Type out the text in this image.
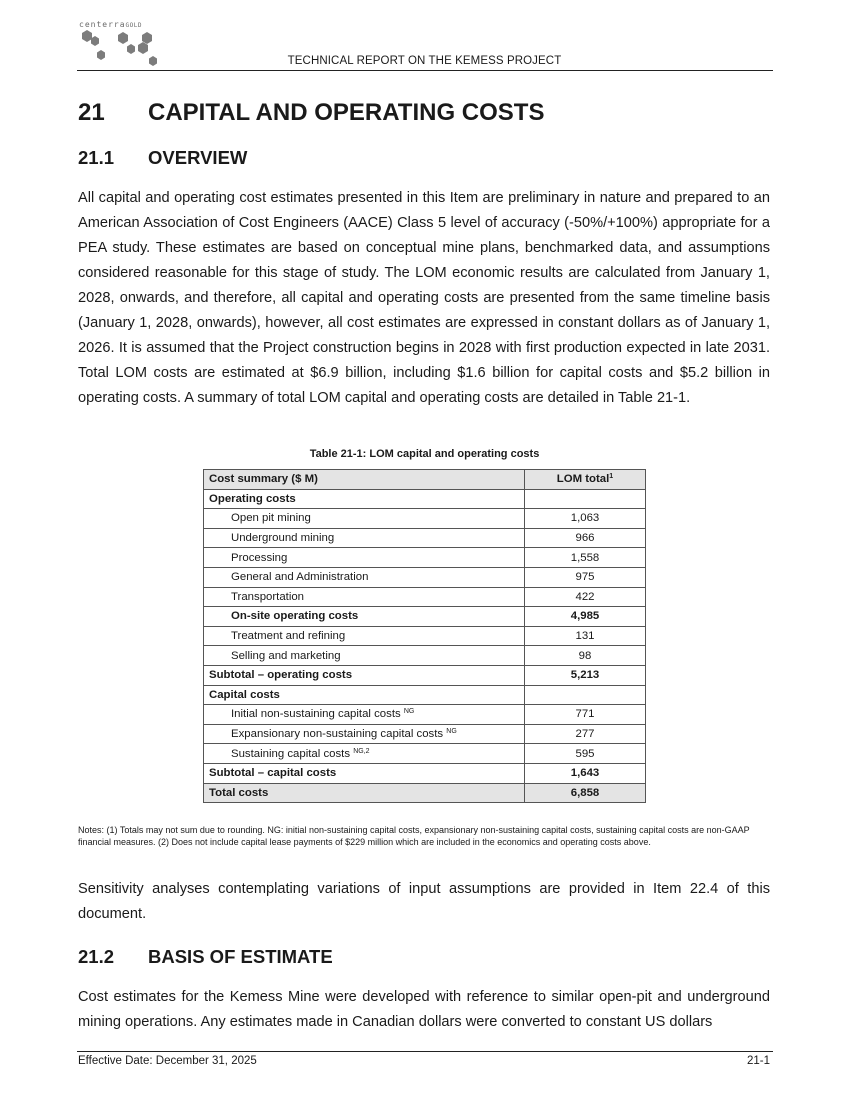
centerraGOLD
TECHNICAL REPORT ON THE KEMESS PROJECT
21 CAPITAL AND OPERATING COSTS
21.1 OVERVIEW
All capital and operating cost estimates presented in this Item are preliminary in nature and prepared to an American Association of Cost Engineers (AACE) Class 5 level of accuracy (-50%/+100%) appropriate for a PEA study. These estimates are based on conceptual mine plans, benchmarked data, and assumptions considered reasonable for this stage of study. The LOM economic results are calculated from January 1, 2028, onwards, and therefore, all capital and operating costs are presented from the same timeline basis (January 1, 2028, onwards), however, all cost estimates are expressed in constant dollars as of January 1, 2026. It is assumed that the Project construction begins in 2028 with first production expected in late 2031. Total LOM costs are estimated at $6.9 billion, including $1.6 billion for capital costs and $5.2 billion in operating costs. A summary of total LOM capital and operating costs are detailed in Table 21-1.
Table 21-1: LOM capital and operating costs
Cost summary ($ M)	LOM total$^1$
Operating costs	
Open pit mining	1,063
Underground mining	966
Processing	1,558
General and Administration	975
Transportation	422
On-site operating costs	4,985
Treatment and refining	131
Selling and marketing	98
Subtotal – operating costs	5,213
Capital costs	
Initial non-sustaining capital costs $^{NG}$	771
Expansionary non-sustaining capital costs $^{NG}$	277
Sustaining capital costs $^{NG,2}$	595
Subtotal – capital costs	1,643
Total costs	6,858
Notes: (1) Totals may not sum due to rounding. NG: initial non-sustaining capital costs, expansionary non-sustaining capital costs, sustaining capital costs are non-GAAP financial measures. (2) Does not include capital lease payments of $229 million which are included in the economics and operating costs above.
Sensitivity analyses contemplating variations of input assumptions are provided in Item 22.4 of this document.
21.2 BASIS OF ESTIMATE
Cost estimates for the Kemess Mine were developed with reference to similar open-pit and underground mining operations. Any estimates made in Canadian dollars were converted to constant US dollars
Effective Date: December 31, 2025	21-1
